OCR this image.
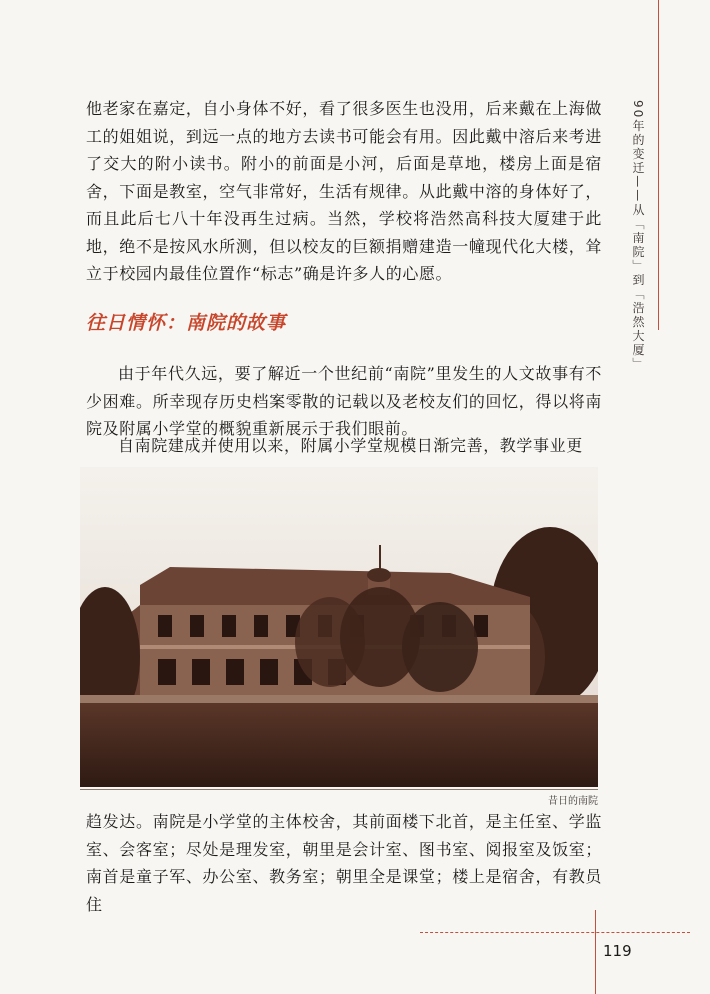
90年的变迁——从「南院」到「浩然大厦」

他老家在嘉定，自小身体不好，看了很多医生也没用，后来戴在上海做工的姐姐说，到远一点的地方去读书可能会有用。因此戴中溶后来考进了交大的附小读书。附小的前面是小河，后面是草地，楼房上面是宿舍，下面是教室，空气非常好，生活有规律。从此戴中溶的身体好了，而且此后七八十年没再生过病。当然，学校将浩然高科技大厦建于此地，绝不是按风水所测，但以校友的巨额捐赠建造一幢现代化大楼，耸立于校园内最佳位置作“标志”确是许多人的心愿。

往日情怀：南院的故事

由于年代久远，要了解近一个世纪前“南院”里发生的人文故事有不少困难。所幸现存历史档案零散的记载以及老校友们的回忆，得以将南院及附属小学堂的概貌重新展示于我们眼前。

自南院建成并使用以来，附属小学堂规模日渐完善，教学事业更

昔日的南院

趋发达。南院是小学堂的主体校舍，其前面楼下北首，是主任室、学监室、会客室；尽处是理发室，朝里是会计室、图书室、阅报室及饭室；南首是童子军、办公室、教务室；朝里全是课堂；楼上是宿舍，有教员住

119
